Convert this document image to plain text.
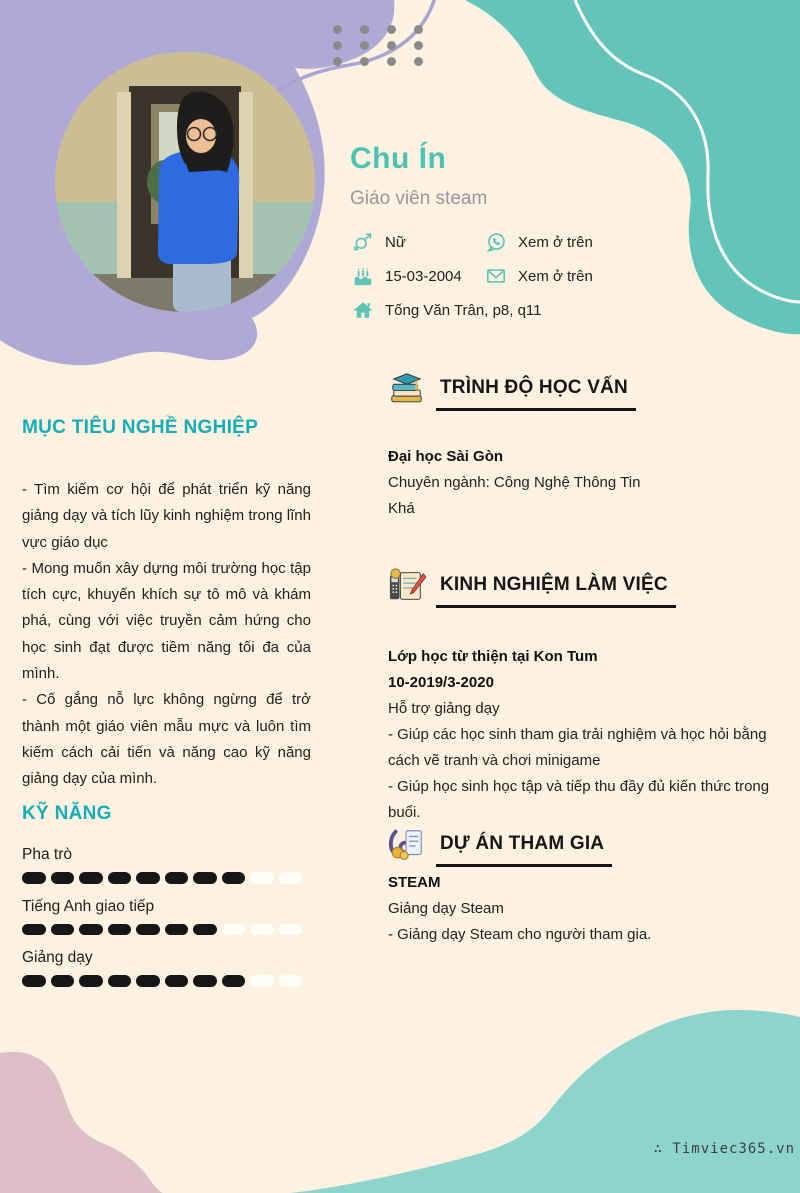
Chu Ín
Giáo viên steam
Nữ	Xem ở trên
15-03-2004	Xem ở trên
Tống Văn Trân, p8, q11
MỤC TIÊU NGHỀ NGHIỆP

- Tìm kiếm cơ hội để phát triển kỹ năng giảng dạy và tích lũy kinh nghiệm trong lĩnh vực giáo dục

- Mong muốn xây dựng môi trường học tập tích cực, khuyến khích sự tô mô và khám phá, cùng với việc truyền cảm hứng cho học sinh đạt được tiềm năng tối đa của mình.

- Cố gắng nỗ lực không ngừng để trở thành một giáo viên mẫu mực và luôn tìm kiếm cách cải tiến và năng cao kỹ năng giảng dạy của mình.

KỸ NĂNG
Pha trò
Tiếng Anh giao tiếp
Giảng dạy
TRÌNH ĐỘ HỌC VẤN

Đại học Sài Gòn

Chuyên ngành: Công Nghệ Thông Tin

Khá

KINH NGHIỆM LÀM VIỆC

Lớp học từ thiện tại Kon Tum

10-2019/3-2020

Hỗ trợ giảng dạy

- Giúp các học sinh tham gia trải nghiệm và học hỏi bằng cách vẽ tranh và chơi minigame

- Giúp học sinh học tập và tiếp thu đầy đủ kiến thức trong buổi.

DỰ ÁN THAM GIA

STEAM

Giảng dạy Steam

- Giảng dạy Steam cho người tham gia.

∴ Timviec365.vn
